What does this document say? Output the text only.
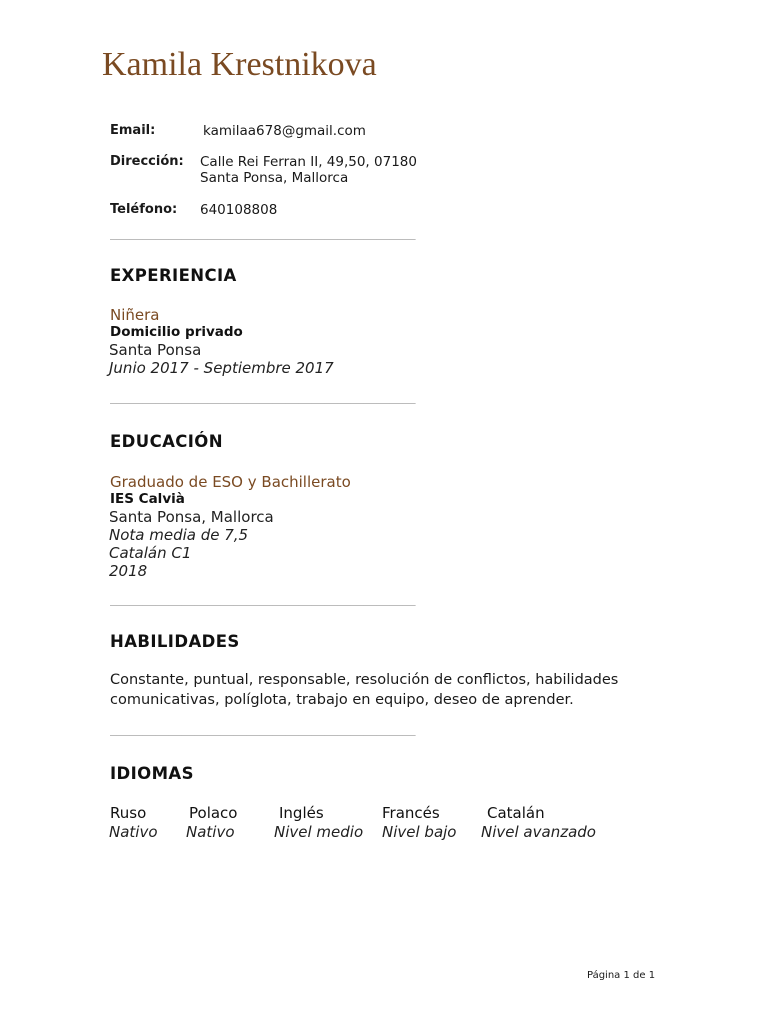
Kamila Krestnikova
Email:	kamilaa678@gmail.com
Dirección: Calle Rei Ferran II, 49,50, 07180
Santa Ponsa, Mallorca
Teléfono: 640108808
_______________________________________________
EXPERIENCIA
Niñera
Domicilio privado
Santa Ponsa
Junio 2017 - Septiembre 2017
_______________________________________________
EDUCACIÓN
Graduado de ESO y Bachillerato
IES Calvià
Santa Ponsa, Mallorca
Nota media de 7,5
Catalán C1
2018
_______________________________________________
HABILIDADES
Constante, puntual, responsable, resolución de conflictos, habilidades comunicativas, políglota, trabajo en equipo, deseo de aprender.
_______________________________________________
IDIOMAS
Ruso
Nativo
Polaco
Nativo
Inglés
Nivel medio
Francés
Nivel bajo
Catalán
Nivel avanzado
Página 1 de 1
